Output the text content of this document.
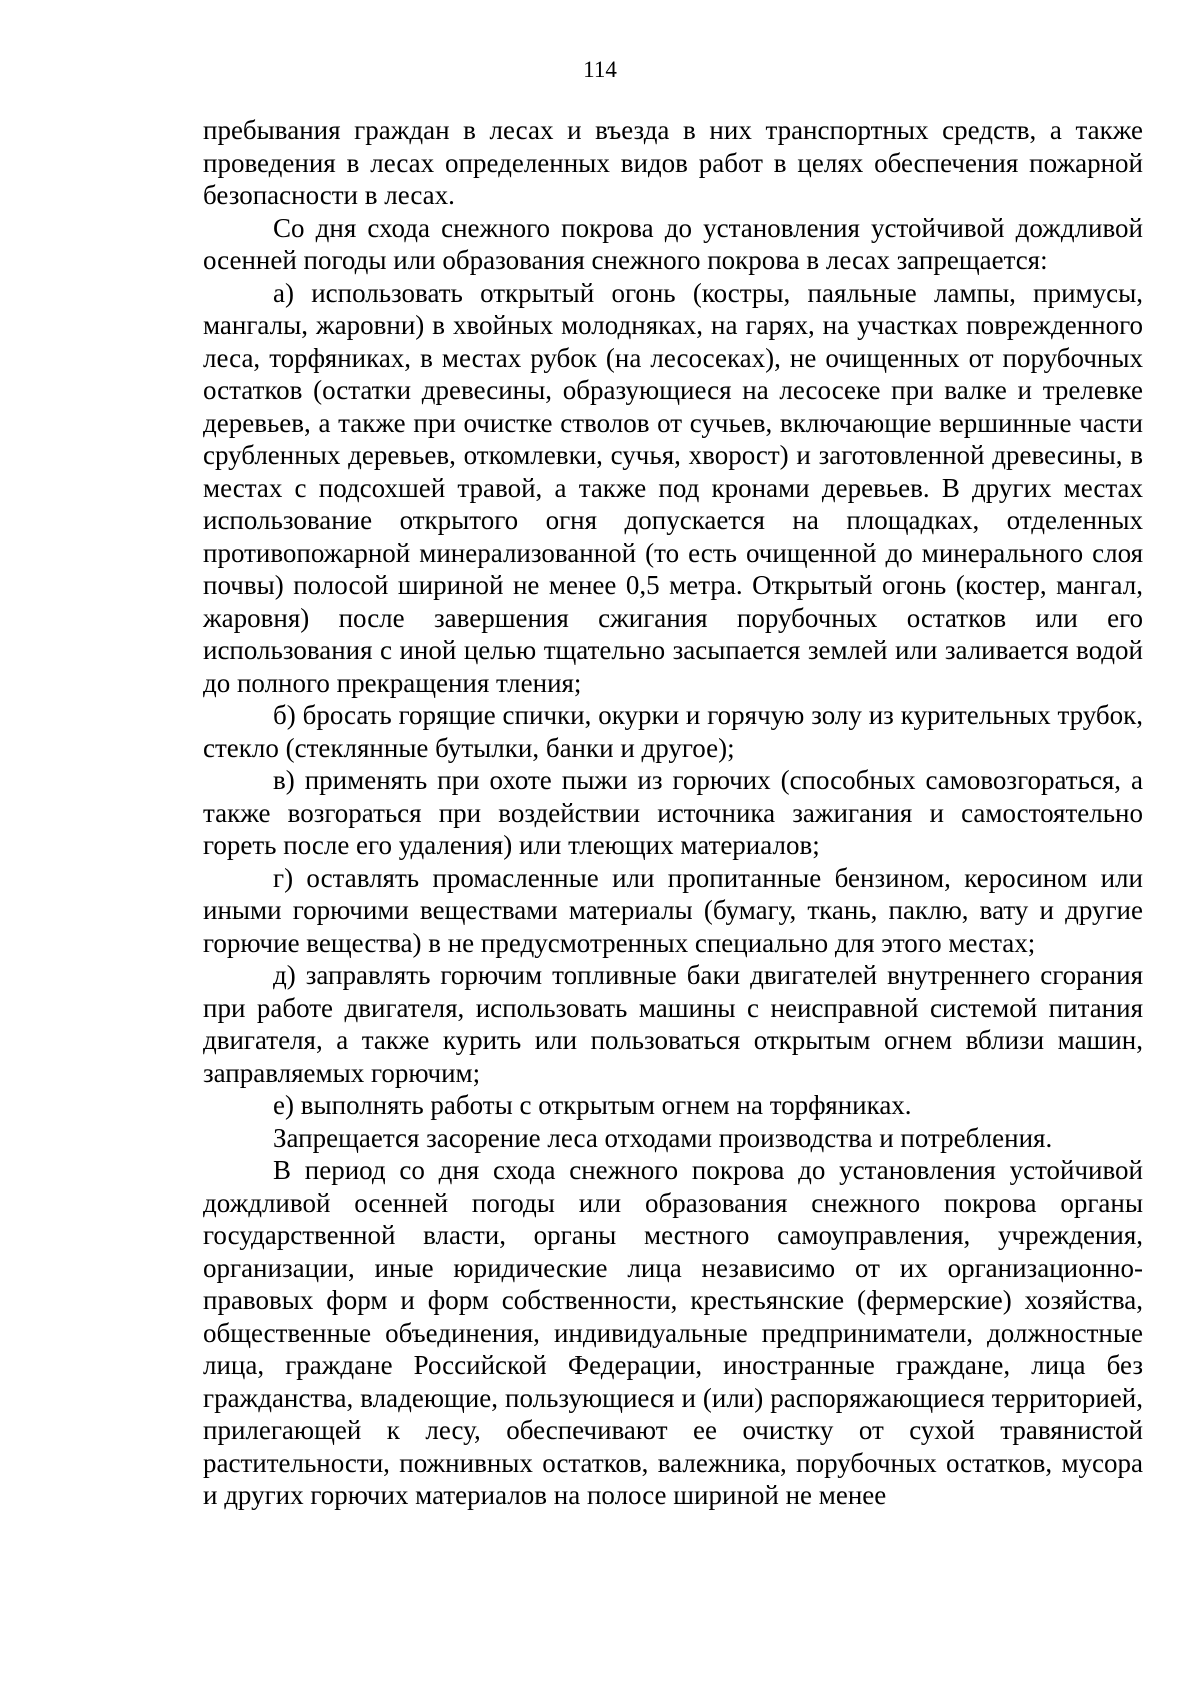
114

пребывания граждан в лесах и въезда в них транспортных средств, а также проведения в лесах определенных видов работ в целях обеспечения пожарной безопасности в лесах.

Со дня схода снежного покрова до установления устойчивой дождливой осенней погоды или образования снежного покрова в лесах запрещается:

а) использовать открытый огонь (костры, паяльные лампы, примусы, мангалы, жаровни) в хвойных молодняках, на гарях, на участках поврежденного леса, торфяниках, в местах рубок (на лесосеках), не очищенных от порубочных остатков (остатки древесины, образующиеся на лесосеке при валке и трелевке деревьев, а также при очистке стволов от сучьев, включающие вершинные части срубленных деревьев, откомлевки, сучья, хворост) и заготовленной древесины, в местах с подсохшей травой, а также под кронами деревьев. В других местах использование открытого огня допускается на площадках, отделенных противопожарной минерализованной (то есть очищенной до минерального слоя почвы) полосой шириной не менее 0,5 метра. Открытый огонь (костер, мангал, жаровня) после завершения сжигания порубочных остатков или его использования с иной целью тщательно засыпается землей или заливается водой до полного прекращения тления;

б) бросать горящие спички, окурки и горячую золу из курительных трубок, стекло (стеклянные бутылки, банки и другое);

в) применять при охоте пыжи из горючих (способных самовозгораться, а также возгораться при воздействии источника зажигания и самостоятельно гореть после его удаления) или тлеющих материалов;

г) оставлять промасленные или пропитанные бензином, керосином или иными горючими веществами материалы (бумагу, ткань, паклю, вату и другие горючие вещества) в не предусмотренных специально для этого местах;

д) заправлять горючим топливные баки двигателей внутреннего сгорания при работе двигателя, использовать машины с неисправной системой питания двигателя, а также курить или пользоваться открытым огнем вблизи машин, заправляемых горючим;

е) выполнять работы с открытым огнем на торфяниках.

Запрещается засорение леса отходами производства и потребления.

В период со дня схода снежного покрова до установления устойчивой дождливой осенней погоды или образования снежного покрова органы государственной власти, органы местного самоуправления, учреждения, организации, иные юридические лица независимо от их организационно-правовых форм и форм собственности, крестьянские (фермерские) хозяйства, общественные объединения, индивидуальные предприниматели, должностные лица, граждане Российской Федерации, иностранные граждане, лица без гражданства, владеющие, пользующиеся и (или) распоряжающиеся территорией, прилегающей к лесу, обеспечивают ее очистку от сухой травянистой растительности, пожнивных остатков, валежника, порубочных остатков, мусора и других горючих материалов на полосе шириной не менее
